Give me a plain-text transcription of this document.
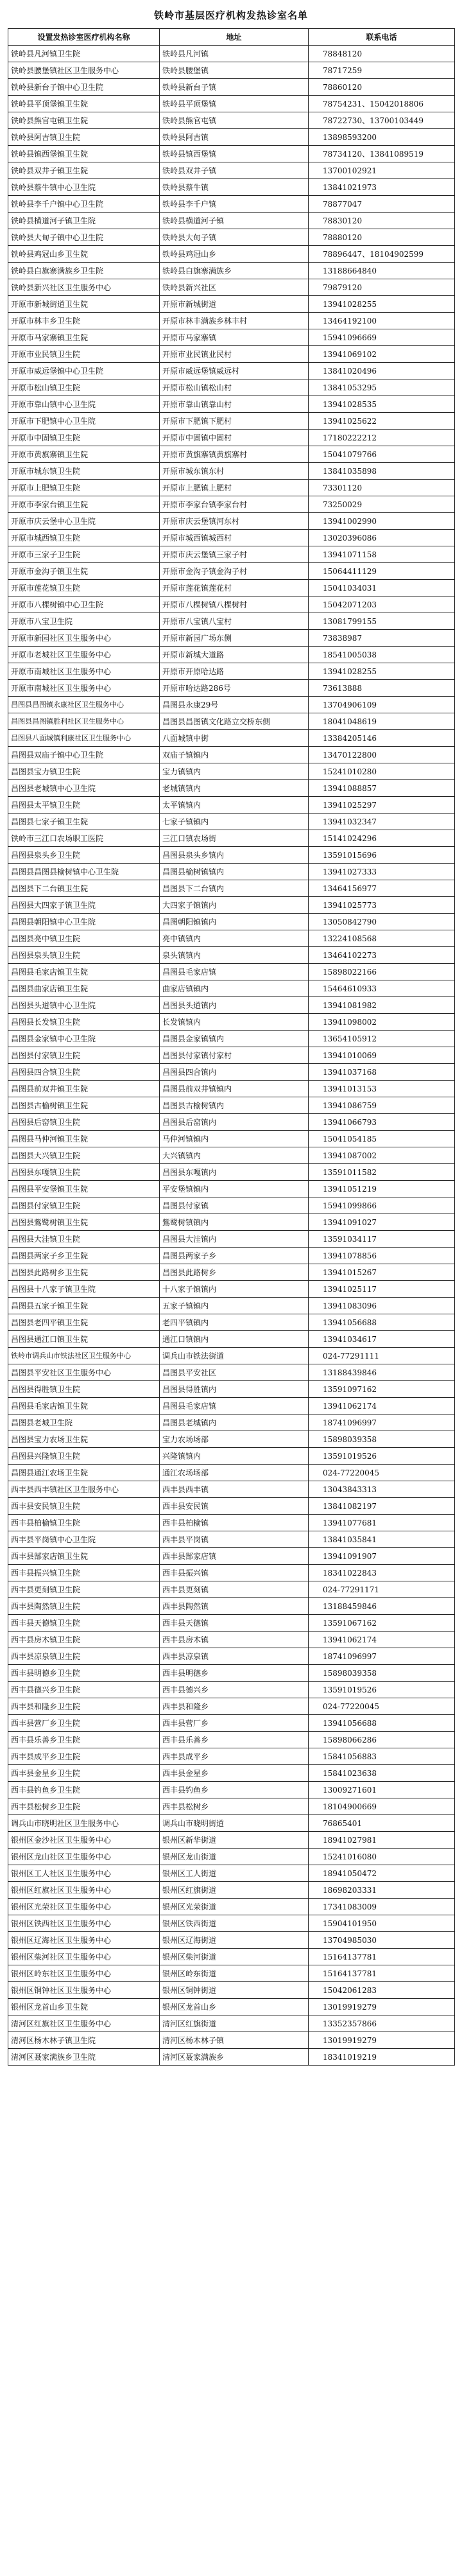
铁岭市基层医疗机构发热诊室名单
设置发热诊室医疗机构名称	地址	联系电话
铁岭县凡河镇卫生院	铁岭县凡河镇	78848120
铁岭县腰堡镇社区卫生服务中心	铁岭县腰堡镇	78717259
铁岭县新台子镇中心卫生院	铁岭县新台子镇	78860120
铁岭县平顶堡镇卫生院	铁岭县平顶堡镇	78754231、15042018806
铁岭县熊官屯镇卫生院	铁岭县熊官屯镇	78722730、13700103449
铁岭县阿吉镇卫生院	铁岭县阿吉镇	13898593200
铁岭县镇西堡镇卫生院	铁岭县镇西堡镇	78734120、13841089519
铁岭县双井子镇卫生院	铁岭县双井子镇	13700102921
铁岭县蔡牛镇中心卫生院	铁岭县蔡牛镇	13841021973
铁岭县李千户镇中心卫生院	铁岭县李千户镇	78877047
铁岭县横道河子镇卫生院	铁岭县横道河子镇	78830120
铁岭县大甸子镇中心卫生院	铁岭县大甸子镇	78880120
铁岭县鸡冠山乡卫生院	铁岭县鸡冠山乡	78896447、18104902599
铁岭县白旗寨满族乡卫生院	铁岭县白旗寨满族乡	13188664840
铁岭县新兴社区卫生服务中心	铁岭县新兴社区	79879120
开原市新城街道卫生院	开原市新城街道	13941028255
开原市林丰乡卫生院	开原市林丰满族乡林丰村	13464192100
开原市马家寨镇卫生院	开原市马家寨镇	15941096669
开原市业民镇卫生院	开原市业民镇业民村	13941069102
开原市威远堡镇中心卫生院	开原市威远堡镇威远村	13841020496
开原市松山镇卫生院	开原市松山镇松山村	13841053295
开原市靠山镇中心卫生院	开原市靠山镇靠山村	13941028535
开原市下肥镇中心卫生院	开原市下肥镇下肥村	13941025622
开原市中固镇卫生院	开原市中固镇中固村	17180222212
开原市黄旗寨镇卫生院	开原市黄旗寨镇黄旗寨村	15041079766
开原市城东镇卫生院	开原市城东镇东村	13841035898
开原市上肥镇卫生院	开原市上肥镇上肥村	73301120
开原市李家台镇卫生院	开原市李家台镇李家台村	73250029
开原市庆云堡中心卫生院	开原市庆云堡镇河东村	13941002990
开原市城西镇卫生院	开原市城西镇城西村	13020396086
开原市三家子卫生院	开原市庆云堡镇三家子村	13941071158
开原市金沟子镇卫生院	开原市金沟子镇金沟子村	15064411129
开原市莲花镇卫生院	开原市莲花镇莲花村	15041034031
开原市八棵树镇中心卫生院	开原市八棵树镇八棵树村	15042071203
开原市八宝卫生院	开原市八宝镇八宝村	13081799155
开原市新园社区卫生服务中心	开原市新园广场东侧	73838987
开原市老城社区卫生服务中心	开原市新城大道路	18541005038
开原市南城社区卫生服务中心	开原市开原哈达路	13941028255
开原市南城社区卫生服务中心	开原市哈达路286号	73613888
昌图县昌图镇永康社区卫生服务中心	昌图县永康29号	13704906109
昌图县昌图镇胜利社区卫生服务中心	昌图县昌图镇文化路立交桥东侧	18041048619
昌图县八面城镇利康社区卫生服务中心	八面城镇中街	13384205146
昌图县双庙子镇中心卫生院	双庙子镇镇内	13470122800
昌图县宝力镇卫生院	宝力镇镇内	15241010280
昌图县老城镇中心卫生院	老城镇镇内	13941088857
昌图县太平镇卫生院	太平镇镇内	13941025297
昌图县七家子镇卫生院	七家子镇镇内	13941032347
铁岭市三江口农场职工医院	三江口镇农场街	15141024296
昌图县泉头乡卫生院	昌图县泉头乡镇内	13591015696
昌图县昌图县榆树镇中心卫生院	昌图县榆树镇镇内	13941027333
昌图县下二台镇卫生院	昌图县下二台镇内	13464156977
昌图县大四家子镇卫生院	大四家子镇镇内	13941025773
昌图县朝阳镇中心卫生院	昌图朝阳镇镇内	13050842790
昌图县亮中镇卫生院	亮中镇镇内	13224108568
昌图县泉头镇卫生院	泉头镇镇内	13464102273
昌图县毛家店镇卫生院	昌图县毛家店镇	15898022166
昌图县曲家店镇卫生院	曲家店镇镇内	15464610933
昌图县头道镇中心卫生院	昌图县头道镇内	13941081982
昌图县长发镇卫生院	长发镇镇内	13941098002
昌图县金家镇中心卫生院	昌图县金家镇镇内	13654105912
昌图县付家镇卫生院	昌图县付家镇付家村	13941010069
昌图县四合镇卫生院	昌图县四合镇内	13941037168
昌图县前双井镇卫生院	昌图县前双井镇镇内	13941013153
昌图县古榆树镇卫生院	昌图县古榆树镇内	13941086759
昌图县后窑镇卫生院	昌图县后窑镇内	13941066793
昌图县马仲河镇卫生院	马仲河镇镇内	15041054185
昌图县大兴镇卫生院	大兴镇镇内	13941087002
昌图县东嘎镇卫生院	昌图县东嘎镇内	13591011582
昌图县平安堡镇卫生院	平安堡镇镇内	13941051219
昌图县付家镇卫生院	昌图县付家镇	15941099866
昌图县鴜鹭树镇卫生院	鴜鹭树镇镇内	13941091027
昌图县大洼镇卫生院	昌图县大洼镇内	13591034117
昌图县两家子乡卫生院	昌图县两家子乡	13941078856
昌图县此路树乡卫生院	昌图县此路树乡	13941015267
昌图县十八家子镇卫生院	十八家子镇镇内	13941025117
昌图县五家子镇卫生院	五家子镇镇内	13941083096
昌图县老四平镇卫生院	老四平镇镇内	13941056688
昌图县通江口镇卫生院	通江口镇镇内	13941034617
铁岭市调兵山市铁法社区卫生服务中心	调兵山市铁法街道	024-77291111
昌图县平安社区卫生服务中心	昌图县平安社区	13188439846
昌图县得胜镇卫生院	昌图县得胜镇内	13591097162
昌图县毛家店镇卫生院	昌图县毛家店镇	13941062174
昌图县老城卫生院	昌图县老城镇内	18741096997
昌图县宝力农场卫生院	宝力农场场部	15898039358
昌图县兴隆镇卫生院	兴隆镇镇内	13591019526
昌图县通江农场卫生院	通江农场场部	024-77220045
西丰县西丰镇社区卫生服务中心	西丰县西丰镇	13043843313
西丰县安民镇卫生院	西丰县安民镇	13841082197
西丰县柏榆镇卫生院	西丰县柏榆镇	13941077681
西丰县平岗镇中心卫生院	西丰县平岗镇	13841035841
西丰县郜家店镇卫生院	西丰县郜家店镇	13941091907
西丰县振兴镇卫生院	西丰县振兴镇	18341022843
西丰县更刻镇卫生院	西丰县更刻镇	024-77291171
西丰县陶然镇卫生院	西丰县陶然镇	13188459846
西丰县天德镇卫生院	西丰县天德镇	13591067162
西丰县房木镇卫生院	西丰县房木镇	13941062174
西丰县凉泉镇卫生院	西丰县凉泉镇	18741096997
西丰县明德乡卫生院	西丰县明德乡	15898039358
西丰县德兴乡卫生院	西丰县德兴乡	13591019526
西丰县和隆乡卫生院	西丰县和隆乡	024-77220045
西丰县营厂乡卫生院	西丰县营厂乡	13941056688
西丰县乐善乡卫生院	西丰县乐善乡	15898066286
西丰县成平乡卫生院	西丰县成平乡	15841056883
西丰县金星乡卫生院	西丰县金星乡	15841023638
西丰县钓鱼乡卫生院	西丰县钓鱼乡	13009271601
西丰县松树乡卫生院	西丰县松树乡	18104900669
调兵山市晓明社区卫生服务中心	调兵山市晓明街道	76865401
银州区金沙社区卫生服务中心	银州区新华街道	18941027981
银州区龙山社区卫生服务中心	银州区龙山街道	15241016080
银州区工人社区卫生服务中心	银州区工人街道	18941050472
银州区红旗社区卫生服务中心	银州区红旗街道	18698203331
银州区光荣社区卫生服务中心	银州区光荣街道	17341083009
银州区铁西社区卫生服务中心	银州区铁西街道	15904101950
银州区辽海社区卫生服务中心	银州区辽海街道	13704985030
银州区柴河社区卫生服务中心	银州区柴河街道	15164137781
银州区岭东社区卫生服务中心	银州区岭东街道	15164137781
银州区铜钟社区卫生服务中心	银州区铜钟街道	15042061283
银州区龙首山乡卫生院	银州区龙首山乡	13019919279
清河区红旗社区卫生服务中心	清河区红旗街道	13352357866
清河区杨木林子镇卫生院	清河区杨木林子镇	13019919279
清河区聂家满族乡卫生院	清河区聂家满族乡	18341019219
